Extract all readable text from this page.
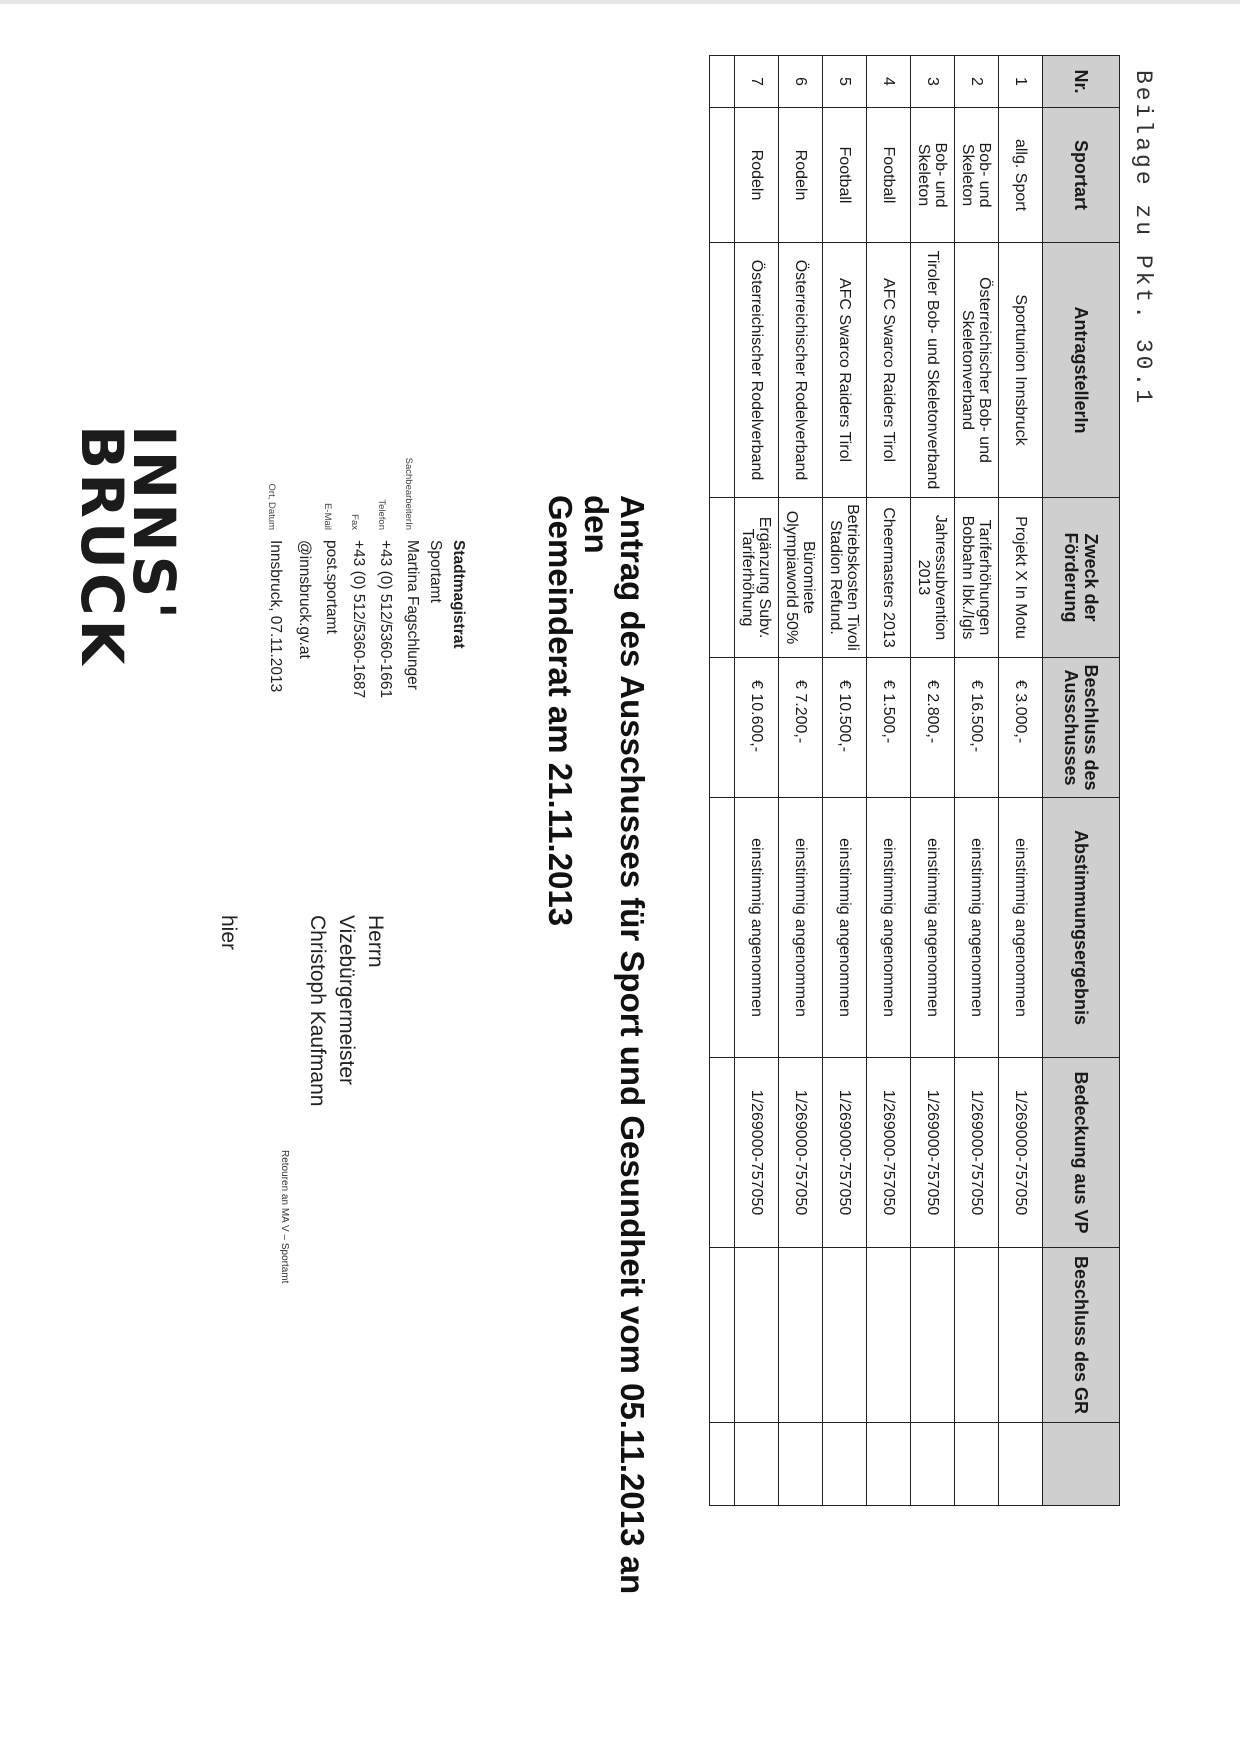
Beilage zu Pkt. 30.1
INNS'
BRUCK	Stadtmagistrat
Sportamt
SachbearbeiterIn
Martina Fagschlunger
Telefon
+43 (0) 512/5360-1661
Fax
+43 (0) 512/5360-1687
E-Mail
post.sportamt
@innsbruck.gv.at
Ort, Datum
Innsbruck, 07.11.2013
Retouren an MA V – Sportamt
Herrn
Vizebürgermeister
Christoph Kaufmann
hier	Antrag des Ausschusses für Sport und Gesundheit vom 05.11.2013 an den
Gemeinderat am 21.11.2013
Nr.	Sportart	AntragstellerIn	Zweck der Förderung	Beschluss des Ausschusses	Abstimmungsergebnis	Bedeckung aus VP	Beschluss des GR	
1	allg. Sport	Sportunion Innsbruck	Projekt X In Motu	€ 3.000,-	einstimmig angenommen	1/269000-757050		
2	Bob- und Skeleton	Österreichischer Bob- und Skeletonverband	Tariferhöhungen Bobbahn Ibk./Igls	€ 16.500,-	einstimmig angenommen	1/269000-757050		
3	Bob- und Skeleton	Tiroler Bob- und Skeletonverband	Jahressubvention 2013	€ 2.800,-	einstimmig angenommen	1/269000-757050		
4	Football	AFC Swarco Raiders Tirol	Cheermasters 2013	€ 1.500,-	einstimmig angenommen	1/269000-757050		
5	Football	AFC Swarco Raiders Tirol	Betriebskosten Tivoli Stadion Refund.	€ 10.500,-	einstimmig angenommen	1/269000-757050		
6	Rodeln	Österreichischer Rodelverband	Büromiete Olympiaworld 50%	€ 7.200,-	einstimmig angenommen	1/269000-757050		
7	Rodeln	Österreichischer Rodelverband	Ergänzung Subv. Tariferhöhung	€ 10.600,-	einstimmig angenommen	1/269000-757050		
